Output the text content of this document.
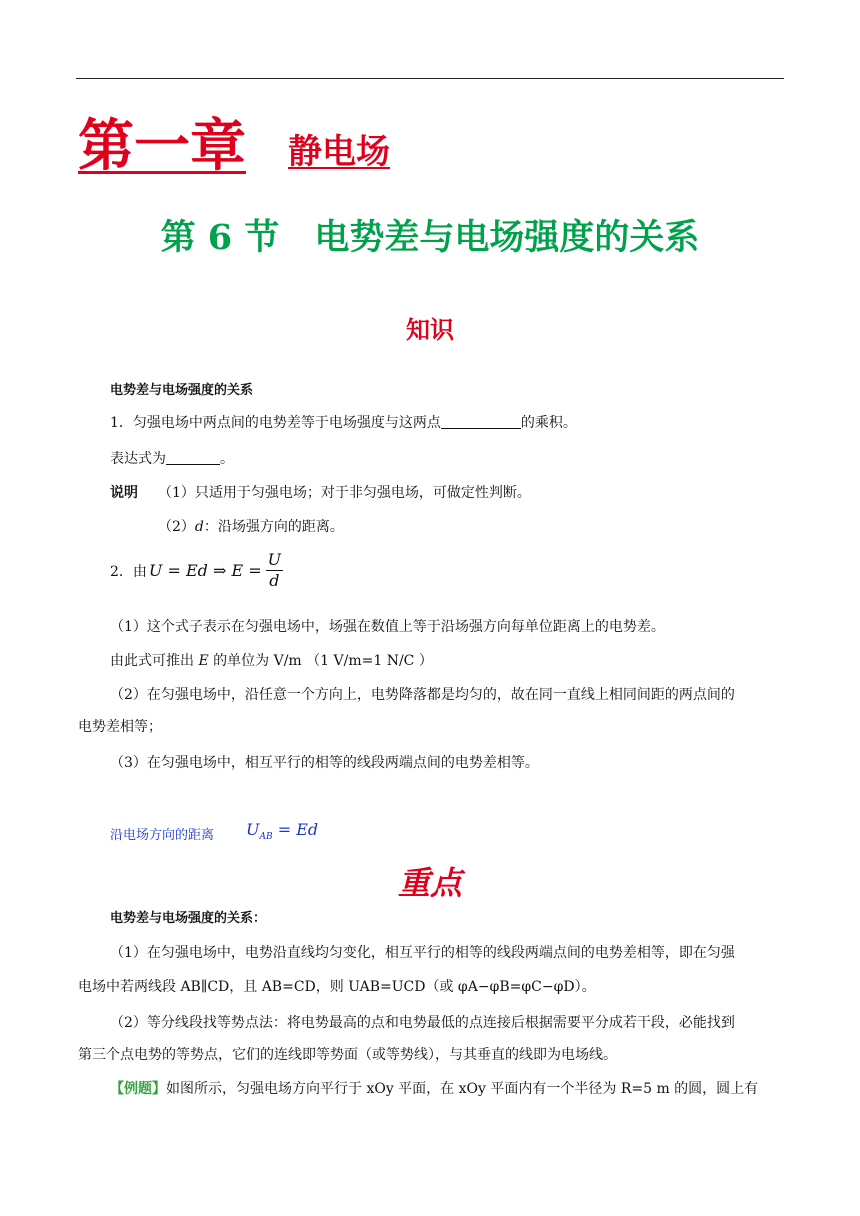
第一章 静电场
第 6 节　电势差与电场强度的关系
知识
电势差与电场强度的关系
1．匀强电场中两点间的电势差等于电场强度与这两点	的乘积。
表达式为	。
说明 （1）只适用于匀强电场；对于非匀强电场，可做定性判断。
（2）d：沿场强方向的距离。
2．由 U = Ed ⇒ $E = \frac{U}{d}$
（1）这个式子表示在匀强电场中，场强在数值上等于沿场强方向每单位距离上的电势差。
由此式可推出 E 的单位为 V/m （1 V/m=1 N/C ）
（2）在匀强电场中，沿任意一个方向上，电势降落都是均匀的，故在同一直线上相同间距的两点间的
电势差相等；
（3）在匀强电场中，相互平行的相等的线段两端点间的电势差相等。
沿电场方向的距离 $U_{AB} = Ed$
重点
电势差与电场强度的关系：
（1）在匀强电场中，电势沿直线均匀变化，相互平行的相等的线段两端点间的电势差相等，即在匀强
电场中若两线段 AB∥CD，且 AB=CD，则 UAB=UCD（或 φA−φB=φC−φD）。
（2）等分线段找等势点法：将电势最高的点和电势最低的点连接后根据需要平分成若干段，必能找到
第三个点电势的等势点，它们的连线即等势面（或等势线），与其垂直的线即为电场线。
【例题】如图所示，匀强电场方向平行于 xOy 平面，在 xOy 平面内有一个半径为 R=5 m 的圆，圆上有
